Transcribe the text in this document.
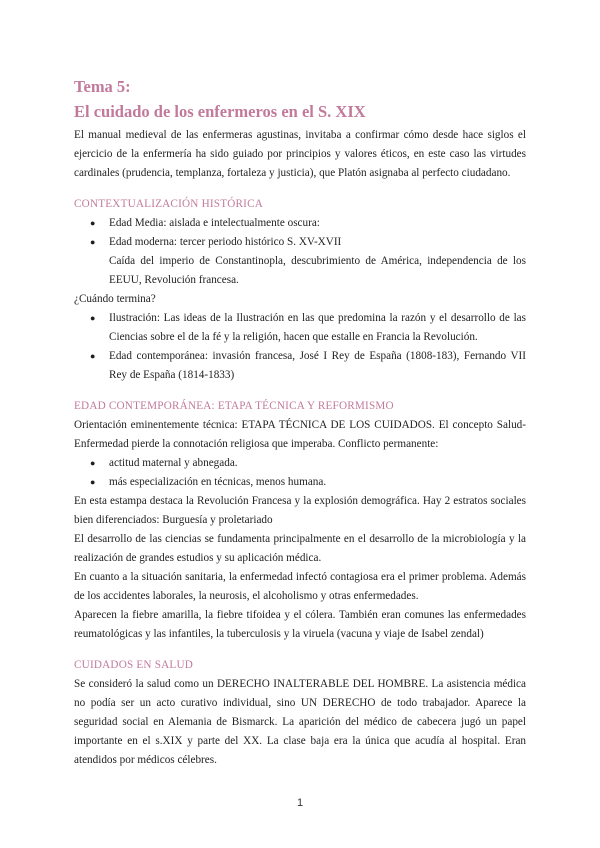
Tema 5:
El cuidado de los enfermeros en el S. XIX

El manual medieval de las enfermeras agustinas, invitaba a confirmar cómo desde hace siglos el ejercicio de la enfermería ha sido guiado por principios y valores éticos, en este caso las virtudes cardinales (prudencia, templanza, fortaleza y justicia), que Platón asignaba al perfecto ciudadano.

CONTEXTUALIZACIÓN HISTÓRICA
● Edad Media: aislada e intelectualmente oscura:
● Edad moderna: tercer periodo histórico S. XV-XVII
Caída del imperio de Constantinopla, descubrimiento de América, independencia de los EEUU, Revolución francesa.

¿Cuándo termina?

● Ilustración: Las ideas de la Ilustración en las que predomina la razón y el desarrollo de las Ciencias sobre el de la fé y la religión, hacen que estalle en Francia la Revolución.
● Edad contemporánea: invasión francesa, José I Rey de España (1808-183), Fernando VII Rey de España (1814-1833)
EDAD CONTEMPORÁNEA: ETAPA TÉCNICA Y REFORMISMO

Orientación eminentemente técnica: ETAPA TÉCNICA DE LOS CUIDADOS. El concepto Salud-Enfermedad pierde la connotación religiosa que imperaba. Conflicto permanente:

● actitud maternal y abnegada.
● más especialización en técnicas, menos humana.

En esta estampa destaca la Revolución Francesa y la explosión demográfica. Hay 2 estratos sociales bien diferenciados: Burguesía y proletariado

El desarrollo de las ciencias se fundamenta principalmente en el desarrollo de la microbiología y la realización de grandes estudios y su aplicación médica.

En cuanto a la situación sanitaria, la enfermedad infectó contagiosa era el primer problema. Además de los accidentes laborales, la neurosis, el alcoholismo y otras enfermedades.

Aparecen la fiebre amarilla, la fiebre tifoidea y el cólera. También eran comunes las enfermedades reumatológicas y las infantiles, la tuberculosis y la viruela (vacuna y viaje de Isabel zendal)

CUIDADOS EN SALUD

Se consideró la salud como un DERECHO INALTERABLE DEL HOMBRE. La asistencia médica no podía ser un acto curativo individual, sino UN DERECHO de todo trabajador. Aparece la seguridad social en Alemania de Bismarck. La aparición del médico de cabecera jugó un papel importante en el s.XIX y parte del XX. La clase baja era la única que acudía al hospital. Eran atendidos por médicos célebres.

1
